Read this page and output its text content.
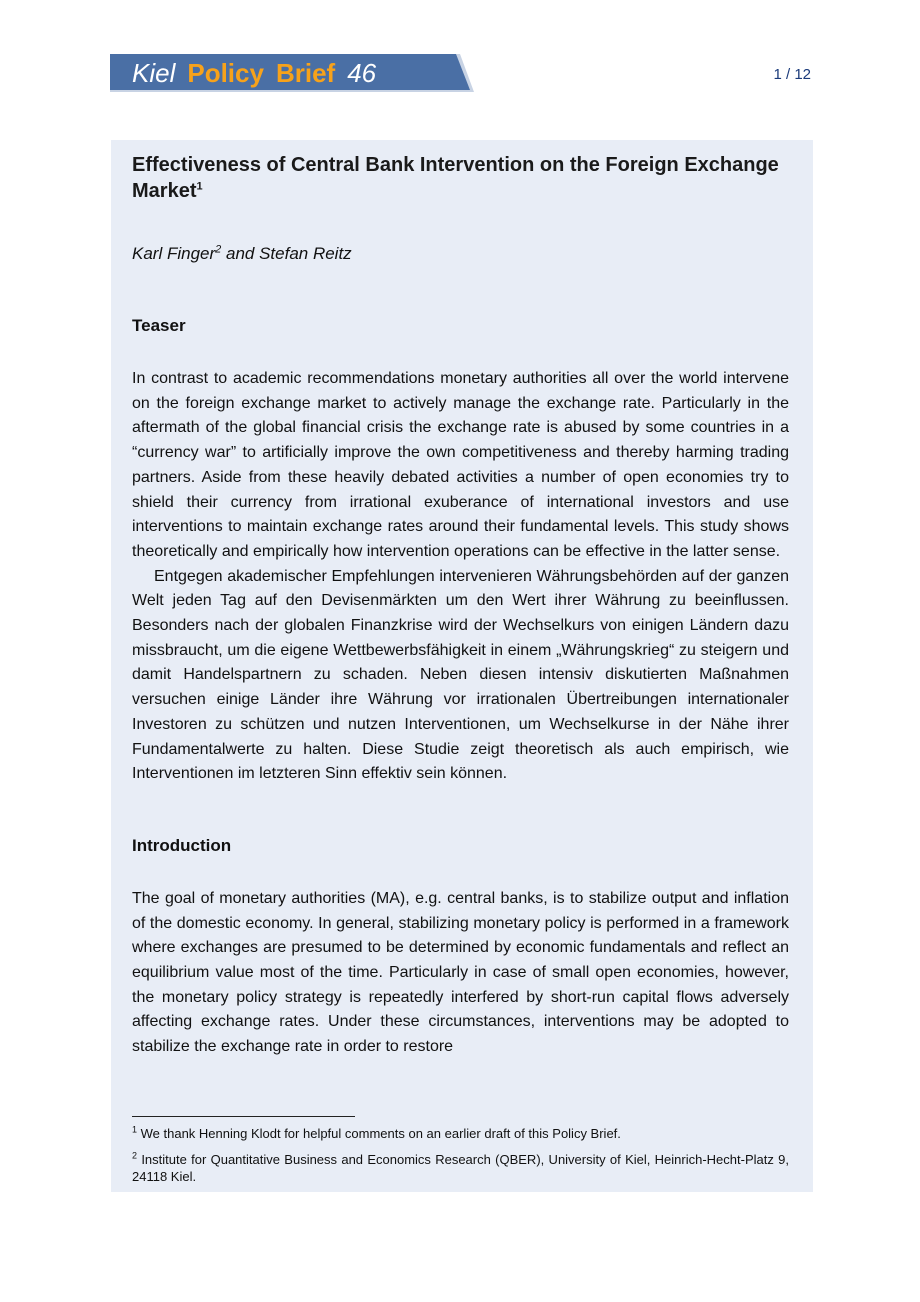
Kiel Policy Brief 46	1 / 12
Effectiveness of Central Bank Intervention on the Foreign Exchange Market$^1$
Karl Finger$^2$ and Stefan Reitz
Teaser

In contrast to academic recommendations monetary authorities all over the world intervene on the foreign exchange market to actively manage the exchange rate. Particularly in the aftermath of the global financial crisis the exchange rate is abused by some countries in a “currency war” to artificially improve the own competitiveness and thereby harming trading partners. Aside from these heavily debated activities a number of open economies try to shield their currency from irrational exuberance of international investors and use interventions to maintain exchange rates around their fundamental levels. This study shows theoretically and empirically how intervention operations can be effective in the latter sense.

Entgegen akademischer Empfehlungen intervenieren Währungsbehörden auf der ganzen Welt jeden Tag auf den Devisenmärkten um den Wert ihrer Währung zu beeinflussen. Besonders nach der globalen Finanzkrise wird der Wechselkurs von einigen Ländern dazu missbraucht, um die eigene Wettbewerbsfähigkeit in einem „Währungskrieg“ zu steigern und damit Handelspartnern zu schaden. Neben diesen intensiv diskutierten Maßnahmen versuchen einige Länder ihre Währung vor irrationalen Übertreibungen internationaler Investoren zu schützen und nutzen Interventionen, um Wechselkurse in der Nähe ihrer Fundamentalwerte zu halten. Diese Studie zeigt theoretisch als auch empirisch, wie Interventionen im letzteren Sinn effektiv sein können.

Introduction

The goal of monetary authorities (MA), e.g. central banks, is to stabilize output and inflation of the domestic economy. In general, stabilizing monetary policy is performed in a framework where exchanges are presumed to be determined by economic fundamentals and reflect an equilibrium value most of the time. Particularly in case of small open economies, however, the monetary policy strategy is repeatedly interfered by short-run capital flows adversely affecting exchange rates. Under these circumstances, interventions may be adopted to stabilize the exchange rate in order to restore

$^1$ We thank Henning Klodt for helpful comments on an earlier draft of this Policy Brief.
$^2$ Institute for Quantitative Business and Economics Research (QBER), University of Kiel, Heinrich-Hecht-Platz 9, 24118 Kiel.
